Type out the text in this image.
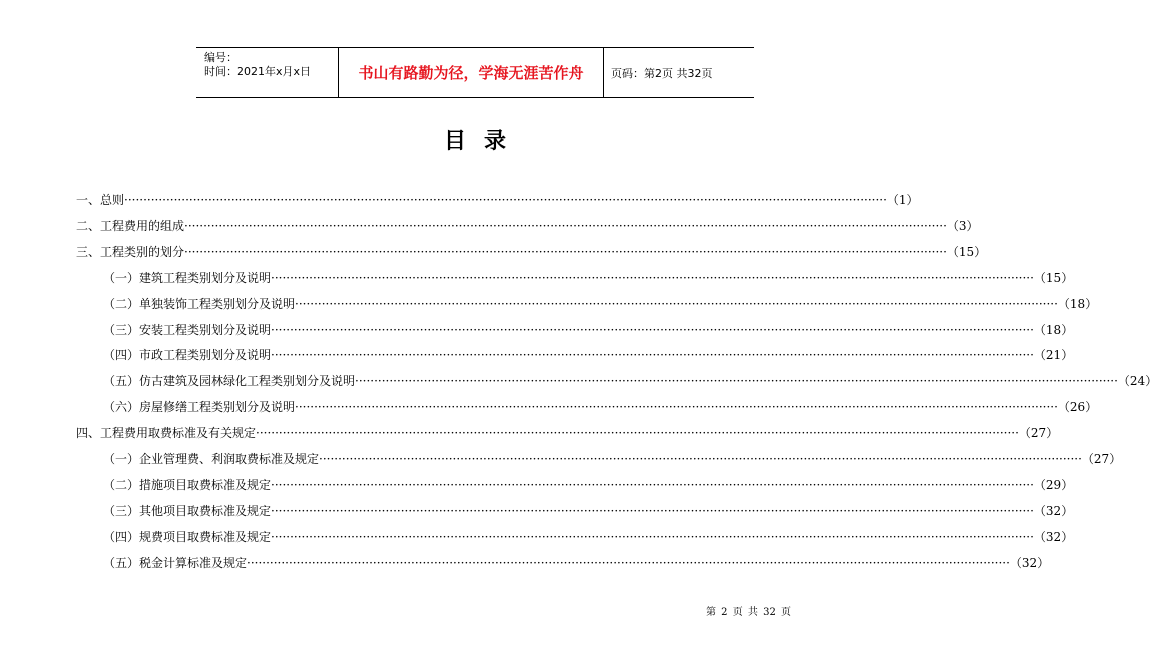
编号：
时间：2021年x月x日	书山有路勤为径，学海无涯苦作舟	页码：第2页 共32页
目录
一、 总则 ········································································································································································································ （1）
二、 工程费用的组成 ········································································································································································································ （3）
三、 工程类别的划分 ········································································································································································································ （15）
（一） 建筑工程类别划分及说明 ········································································································································································································ （15）
（二） 单独装饰工程类别划分及说明 ········································································································································································································ （18）
（三） 安装工程类别划分及说明 ········································································································································································································ （18）
（四） 市政工程类别划分及说明 ········································································································································································································ （21）
（五） 仿古建筑及园林绿化工程类别划分及说明 ········································································································································································································ （24）
（六） 房屋修缮工程类别划分及说明 ········································································································································································································ （26）
四、 工程费用取费标准及有关规定 ········································································································································································································ （27）
（一） 企业管理费、利润取费标准及规定 ········································································································································································································ （27）
（二） 措施项目取费标准及规定 ········································································································································································································ （29）
（三） 其他项目取费标准及规定 ········································································································································································································ （32）
（四） 规费项目取费标准及规定 ········································································································································································································ （32）
（五） 税金计算标准及规定 ········································································································································································································ （32）
第 2 页 共 32 页
